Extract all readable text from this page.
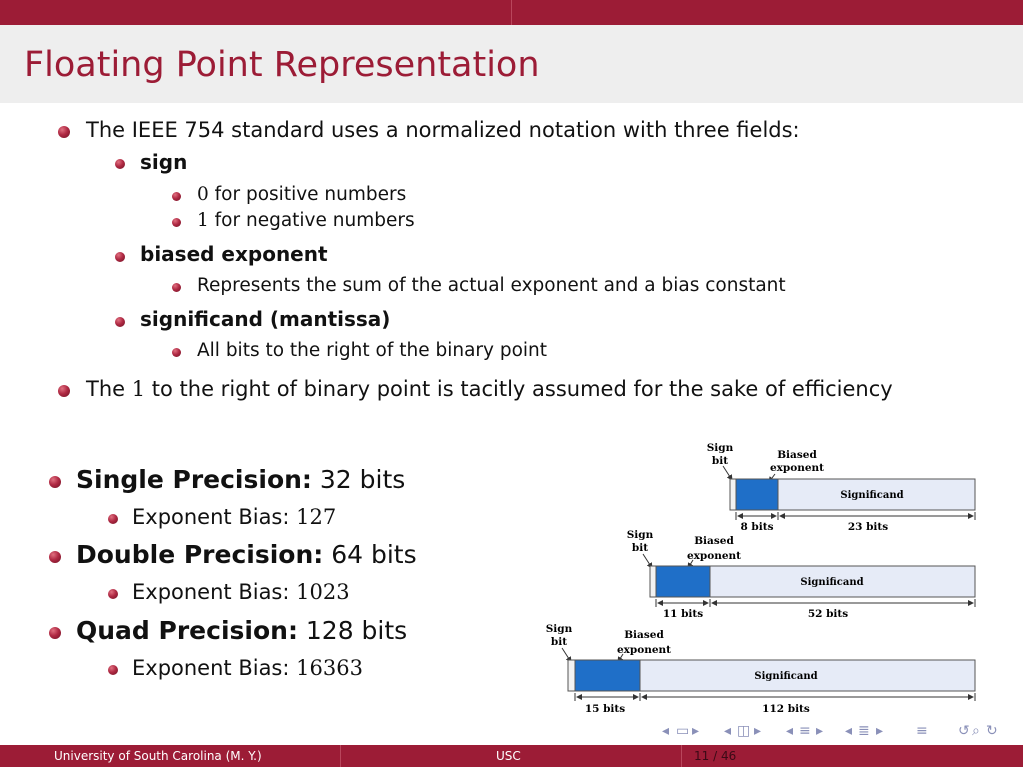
Floating Point Representation
The IEEE 754 standard uses a normalized notation with three fields:
sign
0 for positive numbers
1 for negative numbers
biased exponent
Represents the sum of the actual exponent and a bias constant
significand (mantissa)
All bits to the right of the binary point
The 1 to the right of binary point is tacitly assumed for the sake of efficiency
Single Precision: 32 bits
Exponent Bias: 127
Double Precision: 64 bits
Exponent Bias: 1023
Quad Precision: 128 bits
Exponent Bias: 16363
Sign
bit	Biased
exponent
Significand
8 bits	23 bits
Sign
bit
Biased
exponent
Significand
11 bits	52 bits
Sign
bit
Biased
exponent
Significand
15 bits	112 bits
◂ ▭ ▸ ◂ ◫ ▸ ◂ ≡ ▸ ◂ ≣ ▸ ≡ ↺ ⌕ ↻
University of South Carolina (M. Y.)	USC	11 / 46
